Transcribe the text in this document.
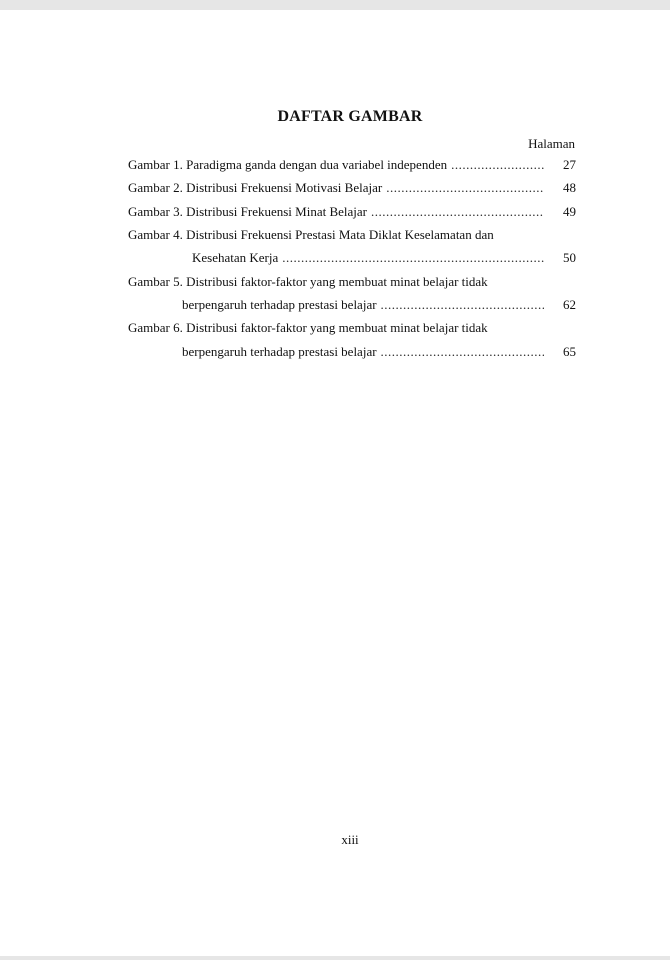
DAFTAR GAMBAR
Halaman
Gambar 1. Paradigma ganda dengan dua variabel independen .....	27
Gambar 2. Distribusi Frekuensi Motivasi Belajar .....	48
Gambar 3. Distribusi Frekuensi Minat Belajar .....	49
Gambar 4. Distribusi Frekuensi Prestasi Mata Diklat Keselamatan dan
Kesehatan Kerja .....	50
Gambar 5. Distribusi faktor-faktor yang membuat minat belajar tidak
berpengaruh terhadap prestasi belajar .....	62
Gambar 6. Distribusi faktor-faktor yang membuat minat belajar tidak
berpengaruh terhadap prestasi belajar .....	65
xiii
